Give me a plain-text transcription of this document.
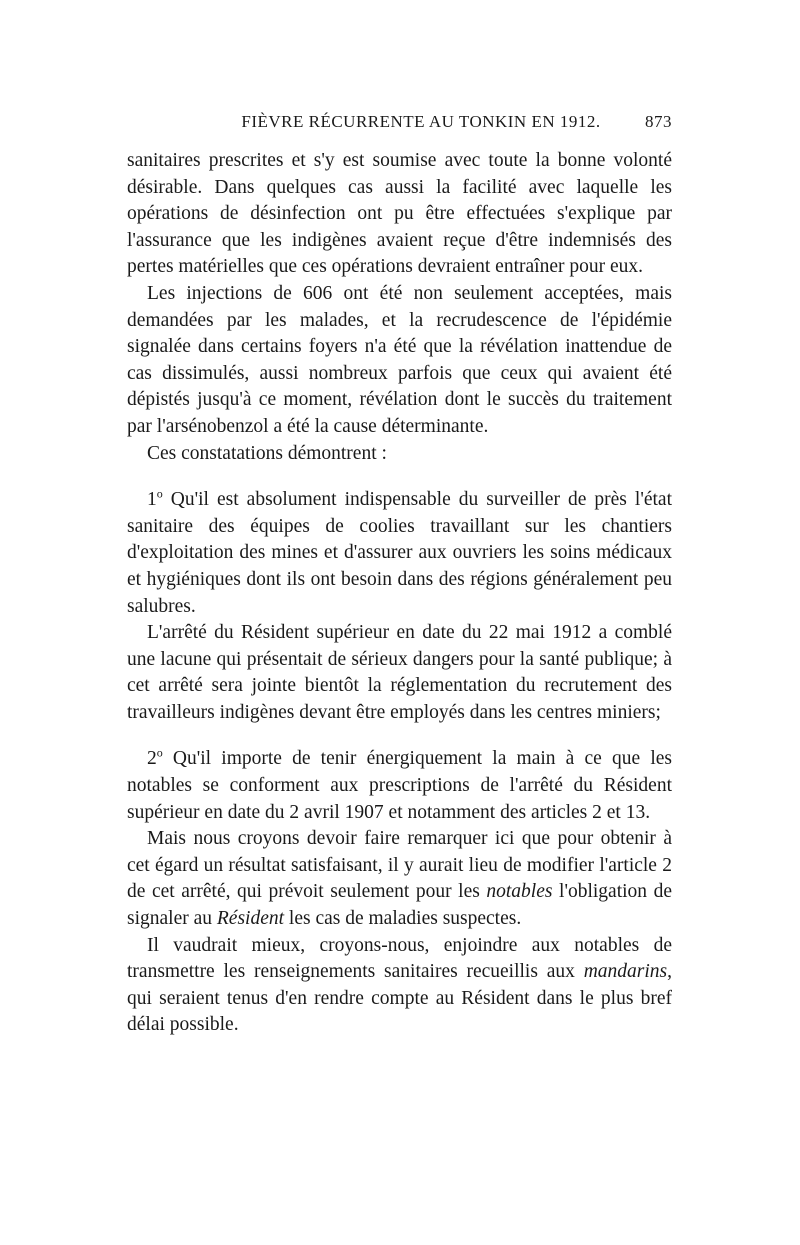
FIÈVRE RÉCURRENTE AU TONKIN EN 1912.	873

sanitaires prescrites et s'y est soumise avec toute la bonne volonté désirable. Dans quelques cas aussi la facilité avec laquelle les opérations de désinfection ont pu être effectuées s'explique par l'assurance que les indigènes avaient reçue d'être indemnisés des pertes matérielles que ces opérations devraient entraîner pour eux.

Les injections de 606 ont été non seulement acceptées, mais demandées par les malades, et la recrudescence de l'épidémie signalée dans certains foyers n'a été que la révélation inattendue de cas dissimulés, aussi nombreux parfois que ceux qui avaient été dépistés jusqu'à ce moment, révélation dont le succès du traitement par l'arsénobenzol a été la cause déterminante.

Ces constatations démontrent :

1$^o$ Qu'il est absolument indispensable du surveiller de près l'état sanitaire des équipes de coolies travaillant sur les chantiers d'exploitation des mines et d'assurer aux ouvriers les soins médicaux et hygiéniques dont ils ont besoin dans des régions généralement peu salubres.

L'arrêté du Résident supérieur en date du 22 mai 1912 a comblé une lacune qui présentait de sérieux dangers pour la santé publique; à cet arrêté sera jointe bientôt la réglementation du recrutement des travailleurs indigènes devant être employés dans les centres miniers;

2$^o$ Qu'il importe de tenir énergiquement la main à ce que les notables se conforment aux prescriptions de l'arrêté du Résident supérieur en date du 2 avril 1907 et notamment des articles 2 et 13.

Mais nous croyons devoir faire remarquer ici que pour obtenir à cet égard un résultat satisfaisant, il y aurait lieu de modifier l'article 2 de cet arrêté, qui prévoit seulement pour les notables l'obligation de signaler au Résident les cas de maladies suspectes.

Il vaudrait mieux, croyons-nous, enjoindre aux notables de transmettre les renseignements sanitaires recueillis aux mandarins, qui seraient tenus d'en rendre compte au Résident dans le plus bref délai possible.
